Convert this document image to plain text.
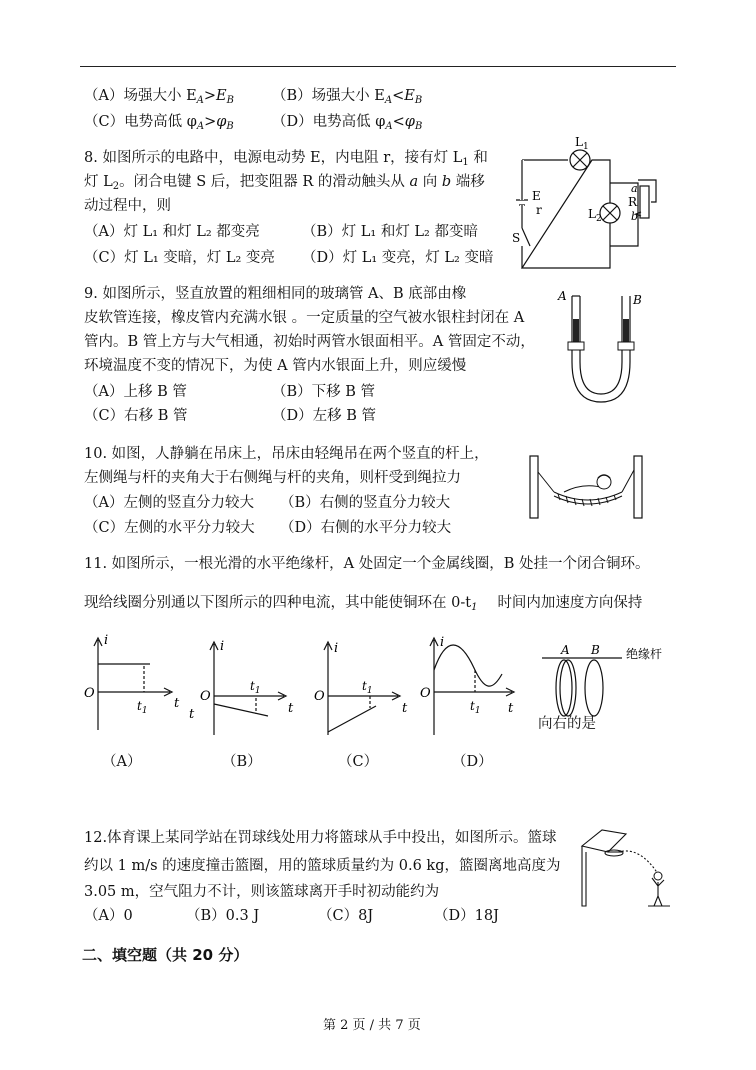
（A）场强大小 $E_A>E_B$	（B）场强大小 $E_A<E_B$
（C）电势高低 $\varphi_A>\varphi_B$	（D）电势高低 $\varphi_A<\varphi_B$
8. 如图所示的电路中，电源电动势 E，内电阻 r，接有灯 $L_1$ 和
灯 $L_2$。闭合电键 S 后，把变阻器 R 的滑动触头从 a 向 b 端移
动过程中，则
（A）灯 L₁ 和灯 L₂ 都变亮	（B）灯 L₁ 和灯 L₂ 都变暗
（C）灯 L₁ 变暗，灯 L₂ 变亮 （D）灯 L₁ 变亮，灯 L₂ 变暗
$L_1$
$L_2$
E
r
S
R
a
b
9. 如图所示，竖直放置的粗细相同的玻璃管 A、B 底部由橡
皮软管连接，橡皮管内充满水银 。一定质量的空气被水银柱封闭在 A
管内。B 管上方与大气相通，初始时两管水银面相平。A 管固定不动，
环境温度不变的情况下，为使 A 管内水银面上升，则应缓慢
（A）上移 B 管	（B）下移 B 管
（C）右移 B 管	（D）左移 B 管
A	B
10. 如图，人静躺在吊床上，吊床由轻绳吊在两个竖直的杆上，
左侧绳与杆的夹角大于右侧绳与杆的夹角，则杆受到绳拉力
（A）左侧的竖直分力较大 （B）右侧的竖直分力较大
（C）左侧的水平分力较大 （D）右侧的水平分力较大
11. 如图所示，一根光滑的水平绝缘杆，A 处固定一个金属线圈，B 处挂一个闭合铜环。
现给线圈分别通以下图所示的四种电流，其中能使铜环在 $0-t_1$ 时间内加速度方向保持
i
O
t
$t_1$
i
O
t
t
$t_1$
i
O
t
$t_1$
i
O
t
$t_1$
A B 绝缘杆
向右的是
（A）	（B）	（C）	（D）
12.体育课上某同学站在罚球线处用力将篮球从手中投出，如图所示。篮球
约以 1 m/s 的速度撞击篮圈，用的篮球质量约为 0.6 kg，篮圈离地高度为
3.05 m，空气阻力不计，则该篮球离开手时初动能约为
（A）0	（B）0.3 J	（C）8J	（D）18J
二、填空题（共 20 分）
第 2 页 / 共 7 页
